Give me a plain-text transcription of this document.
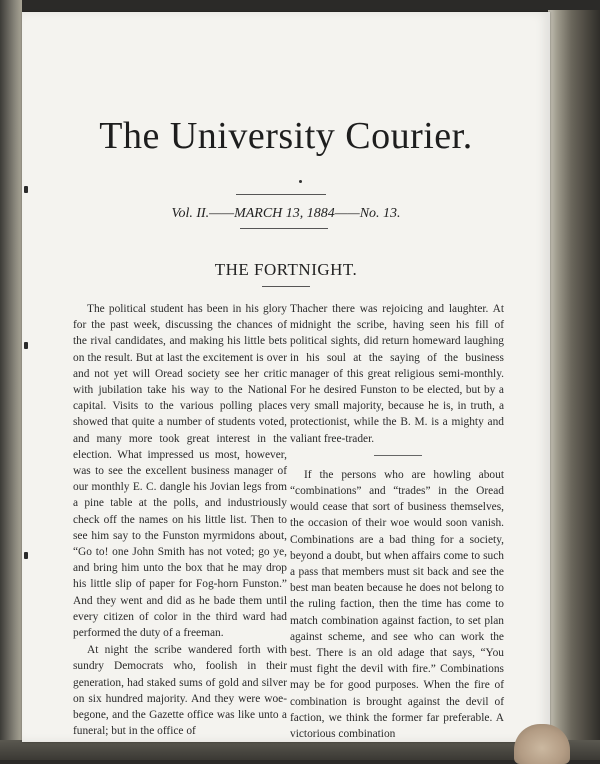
The University Courier.
Vol. II.——MARCH 13, 1884——No. 13.
THE FORTNIGHT.

The political student has been in his glory for the past week, discussing the chances of the rival candidates, and making his little bets on the result. But at last the excitement is over and not yet will Oread society see her critic with jubilation take his way to the National capital. Visits to the various polling places showed that quite a number of students voted, and many more took great interest in the election. What impressed us most, however, was to see the excellent business manager of our monthly E. C. dangle his Jovian legs from a pine table at the polls, and industriously check off the names on his little list. Then to see him say to the Funston myrmidons about, “Go to! one John Smith has not voted; go ye, and bring him unto the box that he may drop his little slip of paper for Fog-horn Funston.” And they went and did as he bade them until every citizen of color in the third ward had performed the duty of a freeman.

At night the scribe wandered forth with sundry Democrats who, foolish in their generation, had staked sums of gold and silver on six hundred majority. And they were woe-begone, and the Gazette office was like unto a funeral; but in the office of

Thacher there was rejoicing and laughter. At midnight the scribe, having seen his fill of political sights, did return homeward laughing in his soul at the saying of the business manager of this great religious semi-monthly. For he desired Funston to be elected, but by a very small majority, because he is, in truth, a protectionist, while the B. M. is a mighty and valiant free-trader.

If the persons who are howling about “combinations” and “trades” in the Oread would cease that sort of business themselves, the occasion of their woe would soon vanish. Combinations are a bad thing for a society, beyond a doubt, but when affairs come to such a pass that members must sit back and see the best man beaten because he does not belong to the ruling faction, then the time has come to match combination against faction, to set plan against scheme, and see who can work the best. There is an old adage that says, “You must fight the devil with fire.” Combinations may be for good purposes. When the fire of combination is brought against the devil of faction, we think the former far preferable. A victorious combination
